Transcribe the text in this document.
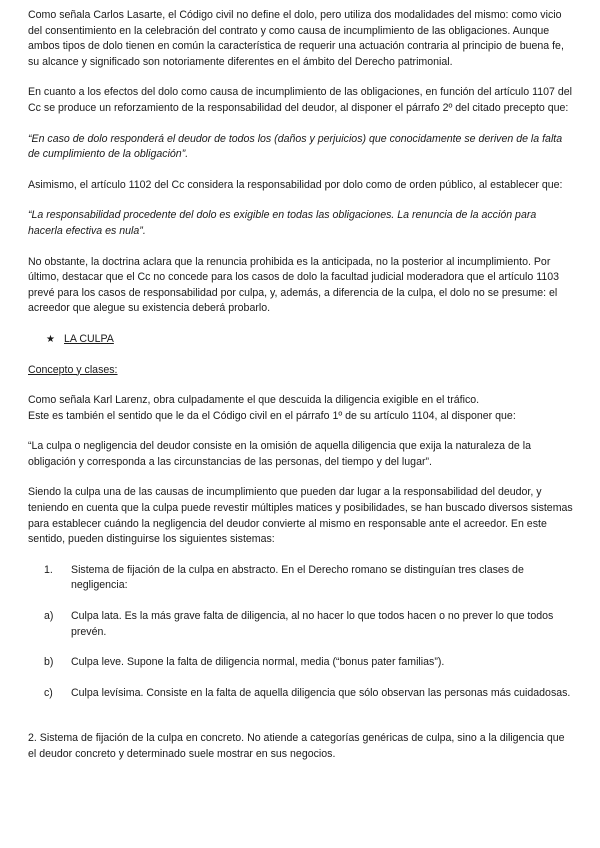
Como señala Carlos Lasarte, el Código civil no define el dolo, pero utiliza dos modalidades del mismo: como vicio del consentimiento en la celebración del contrato y como causa de incumplimiento de las obligaciones. Aunque ambos tipos de dolo tienen en común la característica de requerir una actuación contraria al principio de buena fe, su alcance y significado son notoriamente diferentes en el ámbito del Derecho patrimonial.

En cuanto a los efectos del dolo como causa de incumplimiento de las obligaciones, en función del artículo 1107 del Cc se produce un reforzamiento de la responsabilidad del deudor, al disponer el párrafo 2º del citado precepto que:

“En caso de dolo responderá el deudor de todos los (daños y perjuicios) que conocidamente se deriven de la falta de cumplimiento de la obligación”.

Asimismo, el artículo 1102 del Cc considera la responsabilidad por dolo como de orden público, al establecer que:

“La responsabilidad procedente del dolo es exigible en todas las obligaciones. La renuncia de la acción para hacerla efectiva es nula”.

No obstante, la doctrina aclara que la renuncia prohibida es la anticipada, no la posterior al incumplimiento. Por último, destacar que el Cc no concede para los casos de dolo la facultad judicial moderadora que el artículo 1103 prevé para los casos de responsabilidad por culpa, y, además, a diferencia de la culpa, el dolo no se presume: el acreedor que alegue su existencia deberá probarlo.

★ LA CULPA

Concepto y clases:

Como señala Karl Larenz, obra culpadamente el que descuida la diligencia exigible en el tráfico.

Este es también el sentido que le da el Código civil en el párrafo 1º de su artículo 1104, al disponer que:

“La culpa o negligencia del deudor consiste en la omisión de aquella diligencia que exija la naturaleza de la obligación y corresponda a las circunstancias de las personas, del tiempo y del lugar”.

Siendo la culpa una de las causas de incumplimiento que pueden dar lugar a la responsabilidad del deudor, y teniendo en cuenta que la culpa puede revestir múltiples matices y posibilidades, se han buscado diversos sistemas para establecer cuándo la negligencia del deudor convierte al mismo en responsable ante el acreedor. En este sentido, pueden distinguirse los siguientes sistemas:

1.	Sistema de fijación de la culpa en abstracto. En el Derecho romano se distinguían tres clases de negligencia:
a)	Culpa lata. Es la más grave falta de diligencia, al no hacer lo que todos hacen o no prever lo que todos prevén.
b)	Culpa leve. Supone la falta de diligencia normal, media (“bonus pater familias”).
c)	Culpa levísima. Consiste en la falta de aquella diligencia que sólo observan las personas más cuidadosas.

2. Sistema de fijación de la culpa en concreto. No atiende a categorías genéricas de culpa, sino a la diligencia que el deudor concreto y determinado suele mostrar en sus negocios.
